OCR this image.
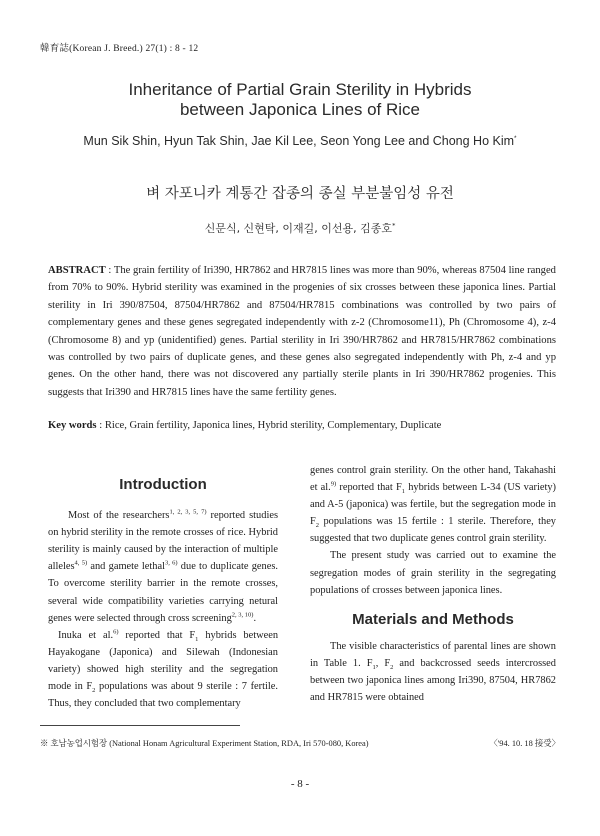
韓育誌(Korean J. Breed.) 27(1) : 8 - 12
Inheritance of Partial Grain Sterility in Hybrids
between Japonica Lines of Rice
Mun Sik Shin, Hyun Tak Shin, Jae Kil Lee, Seon Yong Lee and Chong Ho Kim*
벼 자포니카 계통간 잡종의 종실 부분불임성 유전
신문식, 신현탁, 이재길, 이선용, 김종호*
ABSTRACT : The grain fertility of Iri390, HR7862 and HR7815 lines was more than 90%, whereas 87504 line ranged from 70% to 90%. Hybrid sterility was examined in the progenies of six crosses between these japonica lines. Partial sterility in Iri 390/87504, 87504/HR7862 and 87504/HR7815 combinations was controlled by two pairs of complementary genes and these genes segregated independently with z-2 (Chromosome11), Ph (Chromosome 4), z-4 (Chromosome 8) and yp (unidentified) genes. Partial sterility in Iri 390/HR7862 and HR7815/HR7862 combinations was controlled by two pairs of duplicate genes, and these genes also segregated independently with Ph, z-4 and yp genes. On the other hand, there was not discovered any partially sterile plants in Iri 390/HR7862 progenies. This suggests that Iri390 and HR7815 lines have the same fertility genes.
Key words : Rice, Grain fertility, Japonica lines, Hybrid sterility, Complementary, Duplicate
Introduction

Most of the researchers$^{1, 2, 3, 5, 7)}$ reported studies on hybrid sterility in the remote crosses of rice. Hybrid sterility is mainly caused by the interaction of multiple alleles$^{4, 5)}$ and gamete lethal$^{3, 6)}$ due to duplicate genes. To overcome sterility barrier in the remote crosses, several wide compatibility varieties carrying netural genes were selected through cross screening$^{2, 3, 10)}$.

Inuka et al.$^{6)}$ reported that $F_1$ hybrids between Hayakogane (Japonica) and Silewah (Indonesian variety) showed high sterility and the segregation mode in $F_2$ populations was about 9 sterile : 7 fertile. Thus, they concluded that two complementary

genes control grain sterility. On the other hand, Takahashi et al.$^{9)}$ reported that $F_1$ hybrids between L-34 (US variety) and A-5 (japonica) was fertile, but the segregation mode in $F_2$ populations was 15 fertile : 1 sterile. Therefore, they suggested that two duplicate genes control grain sterility.

The present study was carried out to examine the segregation modes of grain sterility in the segregating populations of crosses between japonica lines.

Materials and Methods

The visible characteristics of parental lines are shown in Table 1. $F_1$, $F_2$ and backcrossed seeds intercrossed between two japonica lines among Iri390, 87504, HR7862 and HR7815 were obtained

※ 호남농업시험장 (National Honam Agricultural Experiment Station, RDA, Iri 570-080, Korea)	〈'94. 10. 18 接受〉
- 8 -
